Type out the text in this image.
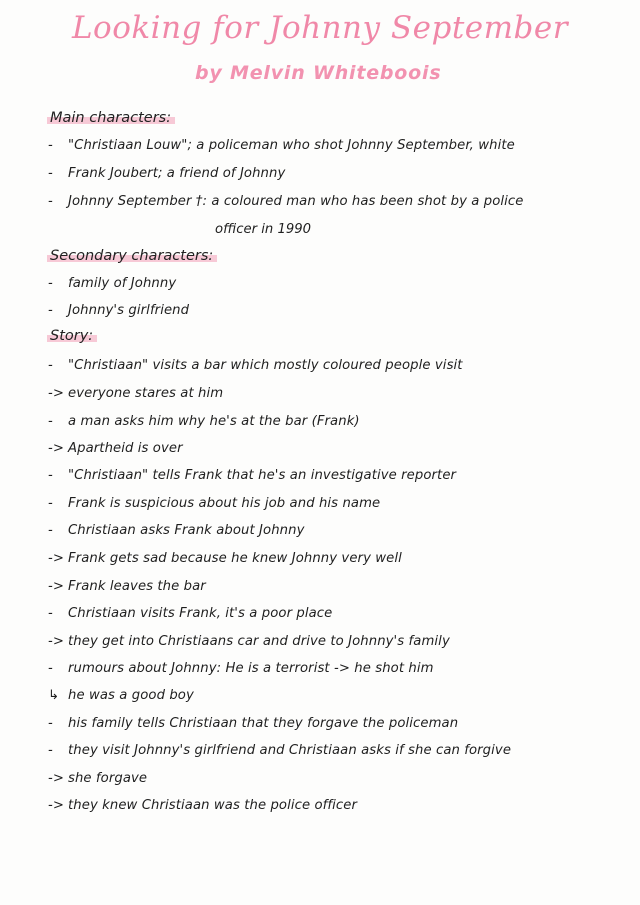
Looking for Johnny September
by Melvin Whiteboois
Main characters:
- "Christiaan Louw"; a policeman who shot Johnny September, white
- Frank Joubert; a friend of Johnny
- Johnny September †: a coloured man who has been shot by a police
officer in 1990
Secondary characters:
- family of Johnny
- Johnny's girlfriend
Story:
- "Christiaan" visits a bar which mostly coloured people visit
-> everyone stares at him
- a man asks him why he's at the bar (Frank)
-> Apartheid is over
- "Christiaan" tells Frank that he's an investigative reporter
- Frank is suspicious about his job and his name
- Christiaan asks Frank about Johnny
-> Frank gets sad because he knew Johnny very well
-> Frank leaves the bar
- Christiaan visits Frank, it's a poor place
-> they get into Christiaans car and drive to Johnny's family
- rumours about Johnny: He is a terrorist -> he shot him
↳ he was a good boy
- his family tells Christiaan that they forgave the policeman
- they visit Johnny's girlfriend and Christiaan asks if she can forgive
-> she forgave
-> they knew Christiaan was the police officer
